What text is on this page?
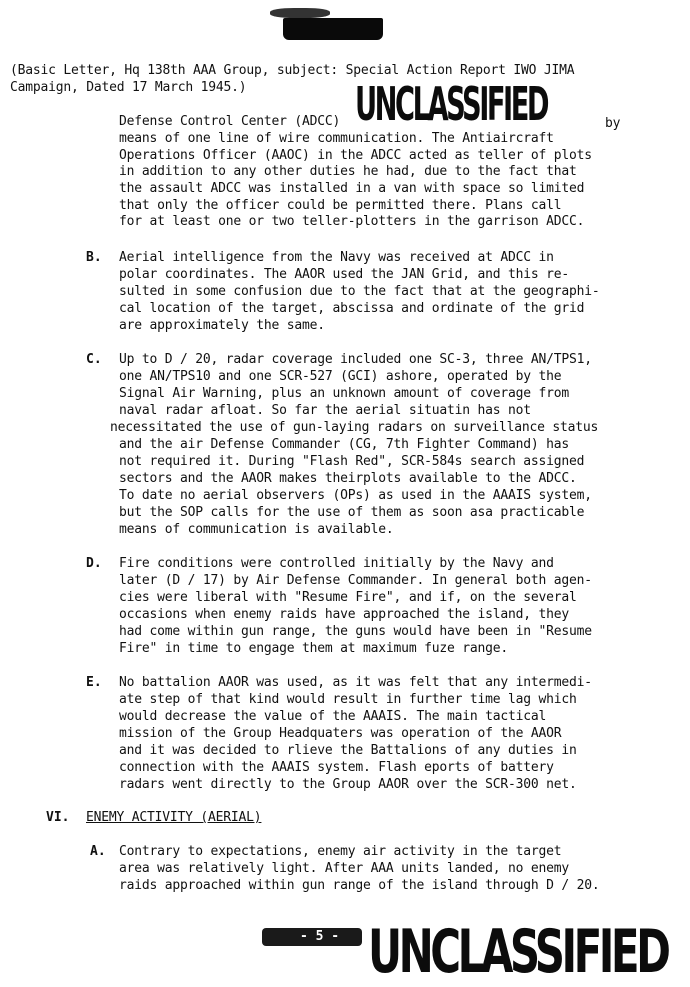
UNCLASSIFIED
(Basic Letter, Hq 138th AAA Group, subject: Special Action Report IWO JIMA
Campaign, Dated 17 March 1945.)
Defense Control Center (ADCC)	by
means of one line of wire communication. The Antiaircraft
Operations Officer (AAOC) in the ADCC acted as teller of plots
in addition to any other duties he had, due to the fact that
the assault ADCC was installed in a van with space so limited
that only the officer could be permitted there. Plans call
for at least one or two teller-plotters in the garrison ADCC.
B. Aerial intelligence from the Navy was received at ADCC in
polar coordinates. The AAOR used the JAN Grid, and this re-
sulted in some confusion due to the fact that at the geographi-
cal location of the target, abscissa and ordinate of the grid
are approximately the same.
C. Up to D / 20, radar coverage included one SC-3, three AN/TPS1,
one AN/TPS10 and one SCR-527 (GCI) ashore, operated by the
Signal Air Warning, plus an unknown amount of coverage from
naval radar afloat. So far the aerial situatin has not
necessitated the use of gun-laying radars on surveillance status
and the air Defense Commander (CG, 7th Fighter Command) has
not required it. During "Flash Red", SCR-584s search assigned
sectors and the AAOR makes theirplots available to the ADCC.
To date no aerial observers (OPs) as used in the AAAIS system,
but the SOP calls for the use of them as soon asa practicable
means of communication is available.
D. Fire conditions were controlled initially by the Navy and
later (D / 17) by Air Defense Commander. In general both agen-
cies were liberal with "Resume Fire", and if, on the several
occasions when enemy raids have approached the island, they
had come within gun range, the guns would have been in "Resume
Fire" in time to engage them at maximum fuze range.
E. No battalion AAOR was used, as it was felt that any intermedi-
ate step of that kind would result in further time lag which
would decrease the value of the AAAIS. The main tactical
mission of the Group Headquaters was operation of the AAOR
and it was decided to rlieve the Battalions of any duties in
connection with the AAAIS system. Flash eports of battery
radars went directly to the Group AAOR over the SCR-300 net.
VI. ENEMY ACTIVITY (AERIAL)
A. Contrary to expectations, enemy air activity in the target
area was relatively light. After AAA units landed, no enemy
raids approached within gun range of the island through D / 20.
- 5 - UNCLASSIFIED
